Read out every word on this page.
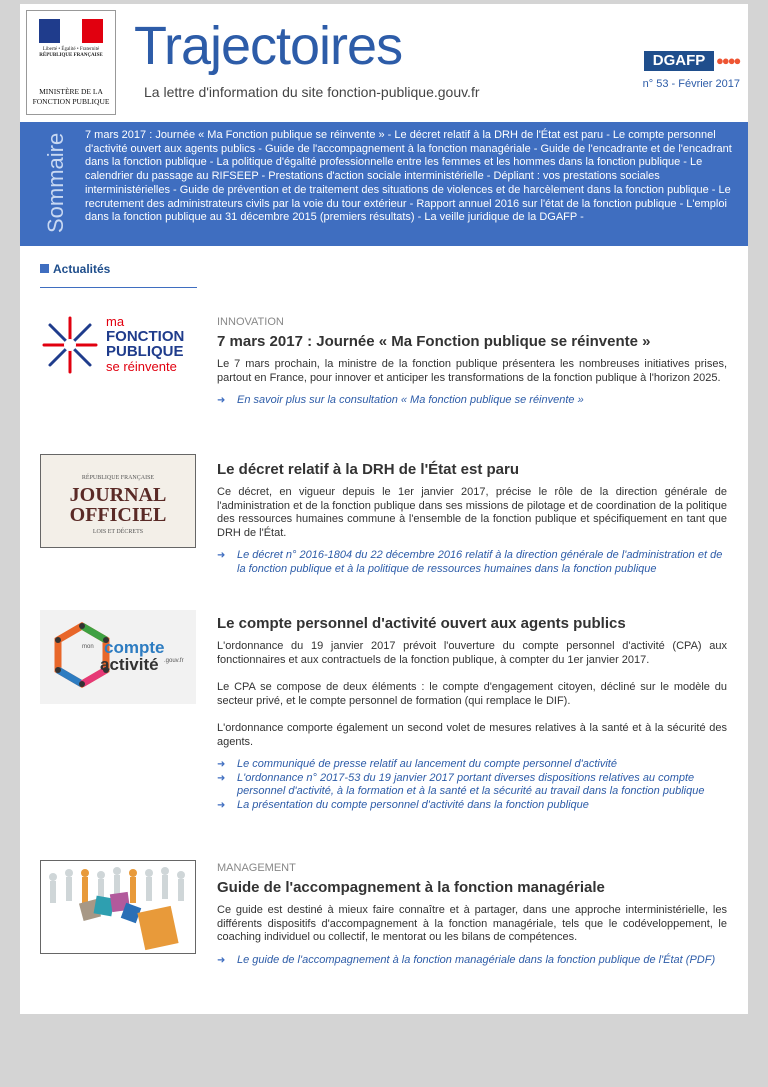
Liberté • Égalité • Fraternité
RÉPUBLIQUE FRANÇAISE
MINISTÈRE DE LA FONCTION PUBLIQUE
Trajectoires
La lettre d'information du site fonction-publique.gouv.fr
DGAFP ●●●●
n° 53 - Février 2017
Sommaire 7 mars 2017 : Journée « Ma Fonction publique se réinvente » - Le décret relatif à la DRH de l'État est paru - Le compte personnel d'activité ouvert aux agents publics - Guide de l'accompagnement à la fonction managériale - Guide de l'encadrante et de l'encadrant dans la fonction publique - La politique d'égalité professionnelle entre les femmes et les hommes dans la fonction publique - Le calendrier du passage au RIFSEEP - Prestations d'action sociale interministérielle - Dépliant : vos prestations sociales interministérielles - Guide de prévention et de traitement des situations de violences et de harcèlement dans la fonction publique - Le recrutement des administrateurs civils par la voie du tour extérieur - Rapport annuel 2016 sur l'état de la fonction publique - L'emploi dans la fonction publique au 31 décembre 2015 (premiers résultats) - La veille juridique de la DGAFP -
Actualités
ma
FONCTION
PUBLIQUE
se réinvente
INNOVATION
7 mars 2017 : Journée « Ma Fonction publique se réinvente »
Le 7 mars prochain, la ministre de la fonction publique présentera les nombreuses initiatives prises, partout en France, pour innover et anticiper les transformations de la fonction publique à l'horizon 2025.
➜ En savoir plus sur la consultation « Ma fonction publique se réinvente »
RÉPUBLIQUE FRANÇAISE
JOURNAL
OFFICIEL
LOIS ET DÉCRETS
Le décret relatif à la DRH de l'État est paru
Ce décret, en vigueur depuis le 1er janvier 2017, précise le rôle de la direction générale de l'administration et de la fonction publique dans ses missions de pilotage et de coordination de la politique des ressources humaines commune à l'ensemble de la fonction publique et spécifiquement en tant que DRH de l'État.
➜ Le décret n° 2016-1804 du 22 décembre 2016 relatif à la direction générale de l'administration et de la fonction publique et à la politique de ressources humaines dans la fonction publique
mon compte
activité .gouv.fr
Le compte personnel d'activité ouvert aux agents publics
L'ordonnance du 19 janvier 2017 prévoit l'ouverture du compte personnel d'activité (CPA) aux fonctionnaires et aux contractuels de la fonction publique, à compter du 1er janvier 2017.
Le CPA se compose de deux éléments : le compte d'engagement citoyen, décliné sur le modèle du secteur privé, et le compte personnel de formation (qui remplace le DIF).
L'ordonnance comporte également un second volet de mesures relatives à la santé et à la sécurité des agents.
➜ Le communiqué de presse relatif au lancement du compte personnel d'activité
➜ L'ordonnance n° 2017-53 du 19 janvier 2017 portant diverses dispositions relatives au compte personnel d'activité, à la formation et à la santé et la sécurité au travail dans la fonction publique
➜ La présentation du compte personnel d'activité dans la fonction publique
MANAGEMENT
Guide de l'accompagnement à la fonction managériale
Ce guide est destiné à mieux faire connaître et à partager, dans une approche interministérielle, les différents dispositifs d'accompagnement à la fonction managériale, tels que le codéveloppement, le coaching individuel ou collectif, le mentorat ou les bilans de compétences.
➜ Le guide de l'accompagnement à la fonction managériale dans la fonction publique de l'État (PDF)
